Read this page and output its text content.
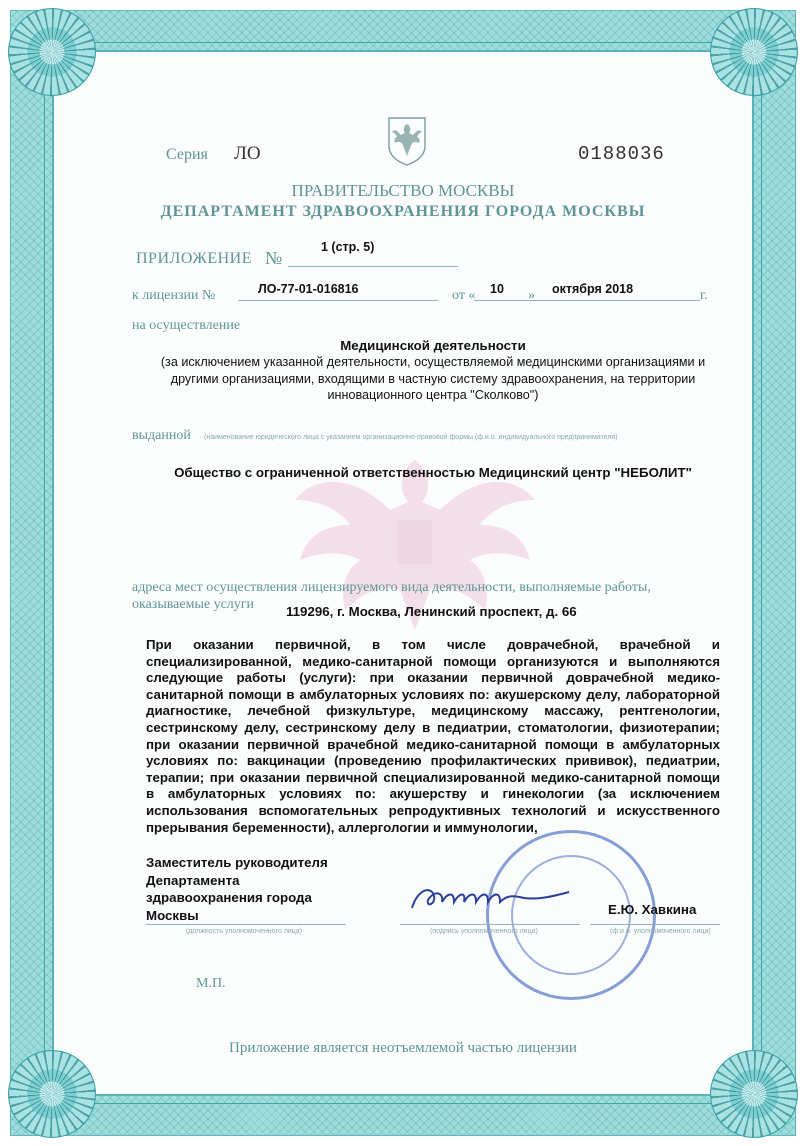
Серия ЛО	0188036
ПРАВИТЕЛЬСТВО МОСКВЫ
ДЕПАРТАМЕНТ ЗДРАВООХРАНЕНИЯ ГОРОДА МОСКВЫ
ПРИЛОЖЕНИЕ №
1 (стр. 5)
к лицензии №	ЛО-77-01-016816	от « 10 » октября 2018	г.
на осуществление
Медицинской деятельности
(за исключением указанной деятельности, осуществляемой медицинскими организациями и другими организациями, входящими в частную систему здравоохранения, на территории инновационного центра "Сколково")
выданной (наименование юридического лица с указанием организационно-правовой формы (ф.и.о. индивидуального предпринимателя)
Общество с ограниченной ответственностью Медицинский центр "НЕБОЛИТ"
адреса мест осуществления лицензируемого вида деятельности, выполняемые работы,
оказываемые услуги 119296, г. Москва, Ленинский проспект, д. 66
При оказании первичной, в том числе доврачебной, врачебной и специализированной, медико-санитарной помощи организуются и выполняются следующие работы (услуги): при оказании первичной доврачебной медико-санитарной помощи в амбулаторных условиях по: акушерскому делу, лабораторной диагностике, лечебной физкультуре, медицинскому массажу, рентгенологии, сестринскому делу, сестринскому делу в педиатрии, стоматологии, физиотерапии; при оказании первичной врачебной медико-санитарной помощи в амбулаторных условиях по: вакцинации (проведению профилактических прививок), педиатрии, терапии; при оказании первичной специализированной медико-санитарной помощи в амбулаторных условиях по: акушерству и гинекологии (за исключением использования вспомогательных репродуктивных технологий и искусственного прерывания беременности), аллергологии и иммунологии,
Заместитель руководителя
Департамента
здравоохранения города
Москвы
(должность уполномоченного лица)	(подпись уполномоченного лица)
Е.Ю. Хавкина
(ф.и.о. уполномоченного лица)
М.П.
Приложение является неотъемлемой частью лицензии
